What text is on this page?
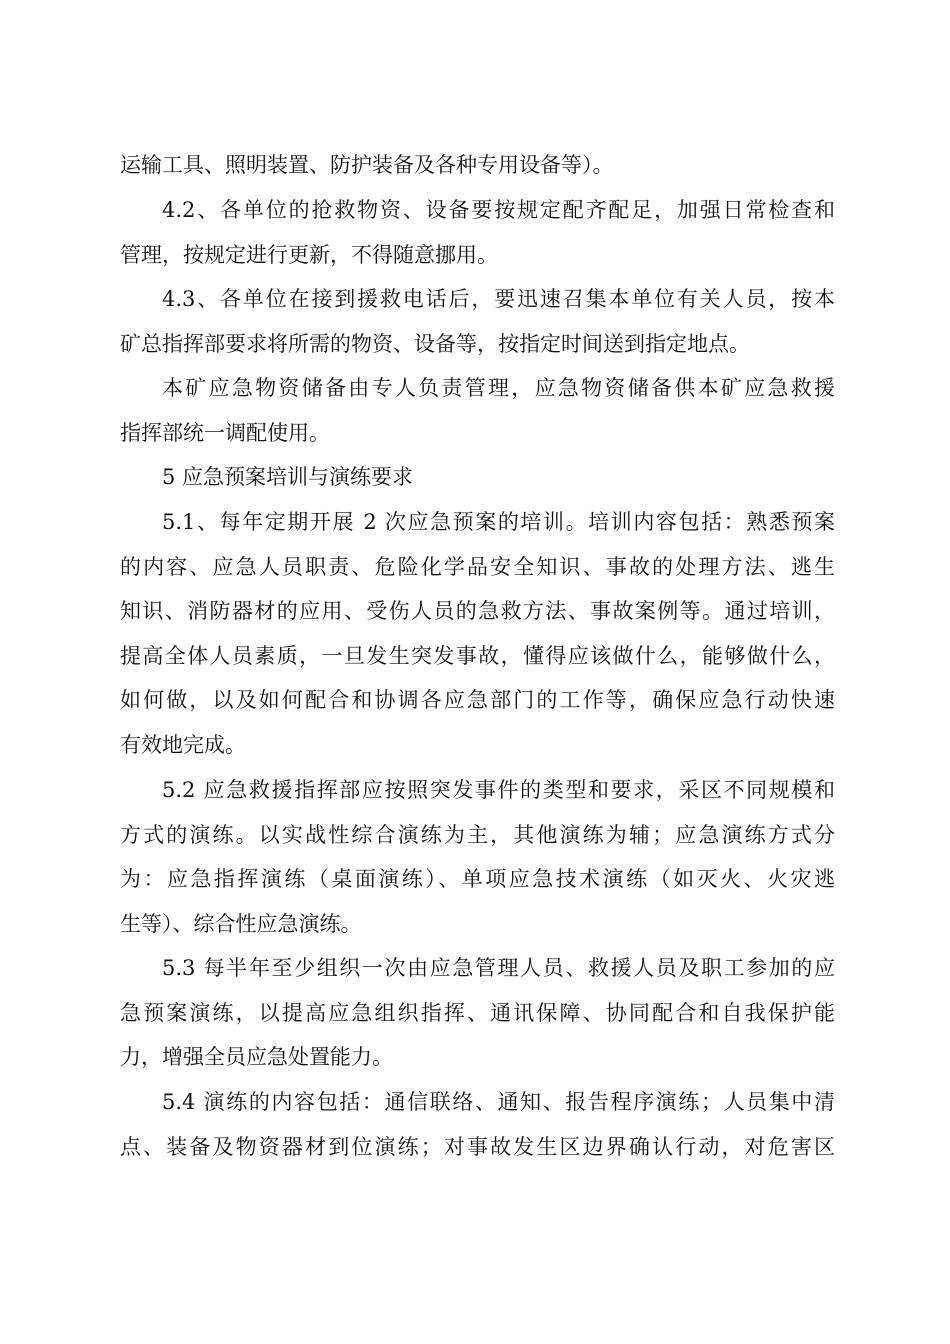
运输工具、照明装置、防护装备及各种专用设备等）。
4.2、各单位的抢救物资、设备要按规定配齐配足，加强日常检查和
管理，按规定进行更新，不得随意挪用。
4.3、各单位在接到援救电话后，要迅速召集本单位有关人员，按本
矿总指挥部要求将所需的物资、设备等，按指定时间送到指定地点。
本矿应急物资储备由专人负责管理，应急物资储备供本矿应急救援
指挥部统一调配使用。
5 应急预案培训与演练要求
5.1、每年定期开展 2 次应急预案的培训。培训内容包括：熟悉预案
的内容、应急人员职责、危险化学品安全知识、事故的处理方法、逃生
知识、消防器材的应用、受伤人员的急救方法、事故案例等。通过培训，
提高全体人员素质，一旦发生突发事故，懂得应该做什么，能够做什么，
如何做，以及如何配合和协调各应急部门的工作等，确保应急行动快速
有效地完成。
5.2 应急救援指挥部应按照突发事件的类型和要求，采区不同规模和
方式的演练。以实战性综合演练为主，其他演练为辅；应急演练方式分
为：应急指挥演练（桌面演练）、单项应急技术演练（如灭火、火灾逃
生等）、综合性应急演练。
5.3 每半年至少组织一次由应急管理人员、救援人员及职工参加的应
急预案演练，以提高应急组织指挥、通讯保障、协同配合和自我保护能
力，增强全员应急处置能力。
5.4 演练的内容包括：通信联络、通知、报告程序演练；人员集中清
点、装备及物资器材到位演练；对事故发生区边界确认行动，对危害区
